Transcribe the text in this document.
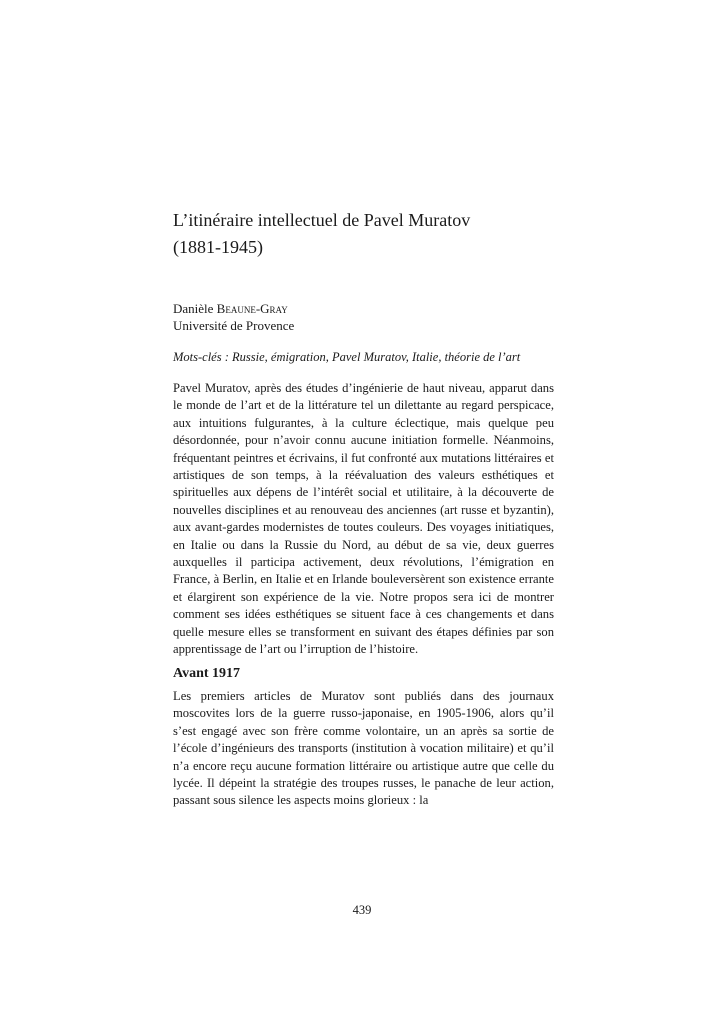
L’itinéraire intellectuel de Pavel Muratov
(1881-1945)
Danièle Beaune-Gray
Université de Provence
Mots-clés : Russie, émigration, Pavel Muratov, Italie, théorie de l’art

Pavel Muratov, après des études d’ingénierie de haut niveau, apparut dans le monde de l’art et de la littérature tel un dilettante au regard perspicace, aux intuitions fulgurantes, à la culture éclectique, mais quelque peu désordonnée, pour n’avoir connu aucune initiation formelle. Néanmoins, fréquentant peintres et écrivains, il fut confronté aux mutations littéraires et artistiques de son temps, à la réévaluation des valeurs esthétiques et spirituelles aux dépens de l’intérêt social et utilitaire, à la découverte de nouvelles disciplines et au renouveau des anciennes (art russe et byzantin), aux avant-gardes modernistes de toutes couleurs. Des voyages initiatiques, en Italie ou dans la Russie du Nord, au début de sa vie, deux guerres auxquelles il participa activement, deux révolutions, l’émigration en France, à Berlin, en Italie et en Irlande bouleversèrent son existence errante et élargirent son expérience de la vie. Notre propos sera ici de montrer comment ses idées esthétiques se situent face à ces changements et dans quelle mesure elles se transforment en suivant des étapes définies par son apprentissage de l’art ou l’irruption de l’histoire.

Avant 1917

Les premiers articles de Muratov sont publiés dans des journaux moscovites lors de la guerre russo-japonaise, en 1905-1906, alors qu’il s’est engagé avec son frère comme volontaire, un an après sa sortie de l’école d’ingénieurs des transports (institution à vocation militaire) et qu’il n’a encore reçu aucune formation littéraire ou artistique autre que celle du lycée. Il dépeint la stratégie des troupes russes, le panache de leur action, passant sous silence les aspects moins glorieux : la

439
